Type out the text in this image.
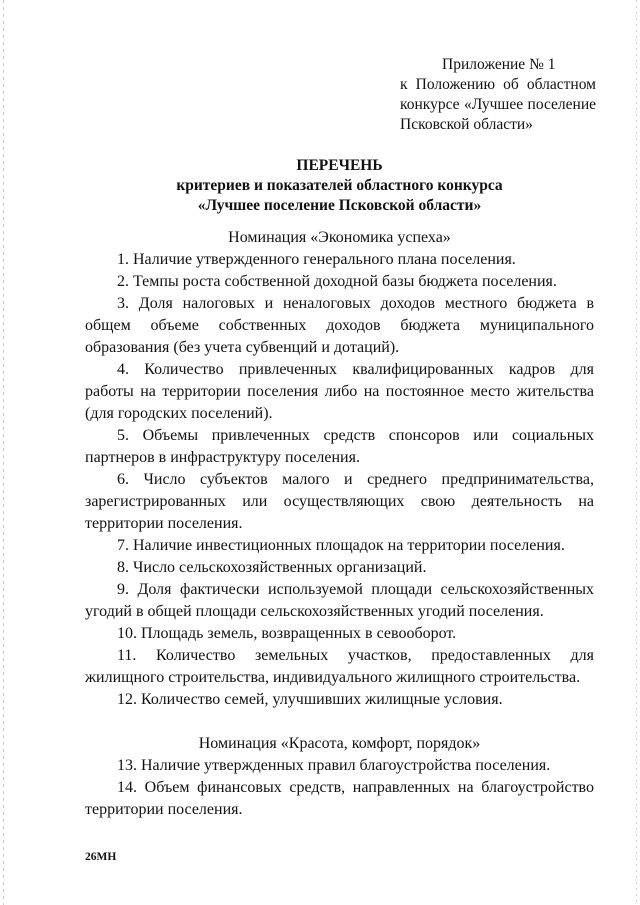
Приложение № 1
к Положению об областном
конкурсе «Лучшее поселение
Псковской области»
ПЕРЕЧЕНЬ
критериев и показателей областного конкурса
«Лучшее поселение Псковской области»
Номинация «Экономика успеха»
1. Наличие утвержденного генерального плана поселения.
2. Темпы роста собственной доходной базы бюджета поселения.
3. Доля налоговых и неналоговых доходов местного бюджета в
общем объеме собственных доходов бюджета муниципального
образования (без учета субвенций и дотаций).
4. Количество привлеченных квалифицированных кадров для
работы на территории поселения либо на постоянное место жительства
(для городских поселений).
5. Объемы привлеченных средств спонсоров или социальных
партнеров в инфраструктуру поселения.
6. Число субъектов малого и среднего предпринимательства,
зарегистрированных или осуществляющих свою деятельность на
территории поселения.
7. Наличие инвестиционных площадок на территории поселения.
8. Число сельскохозяйственных организаций.
9. Доля фактически используемой площади сельскохозяйственных
угодий в общей площади сельскохозяйственных угодий поселения.
10. Площадь земель, возвращенных в севооборот.
11. Количество земельных участков, предоставленных для
жилищного строительства, индивидуального жилищного строительства.
12. Количество семей, улучшивших жилищные условия.
Номинация «Красота, комфорт, порядок»
13. Наличие утвержденных правил благоустройства поселения.
14. Объем финансовых средств, направленных на благоустройство
территории поселения.
26МН
